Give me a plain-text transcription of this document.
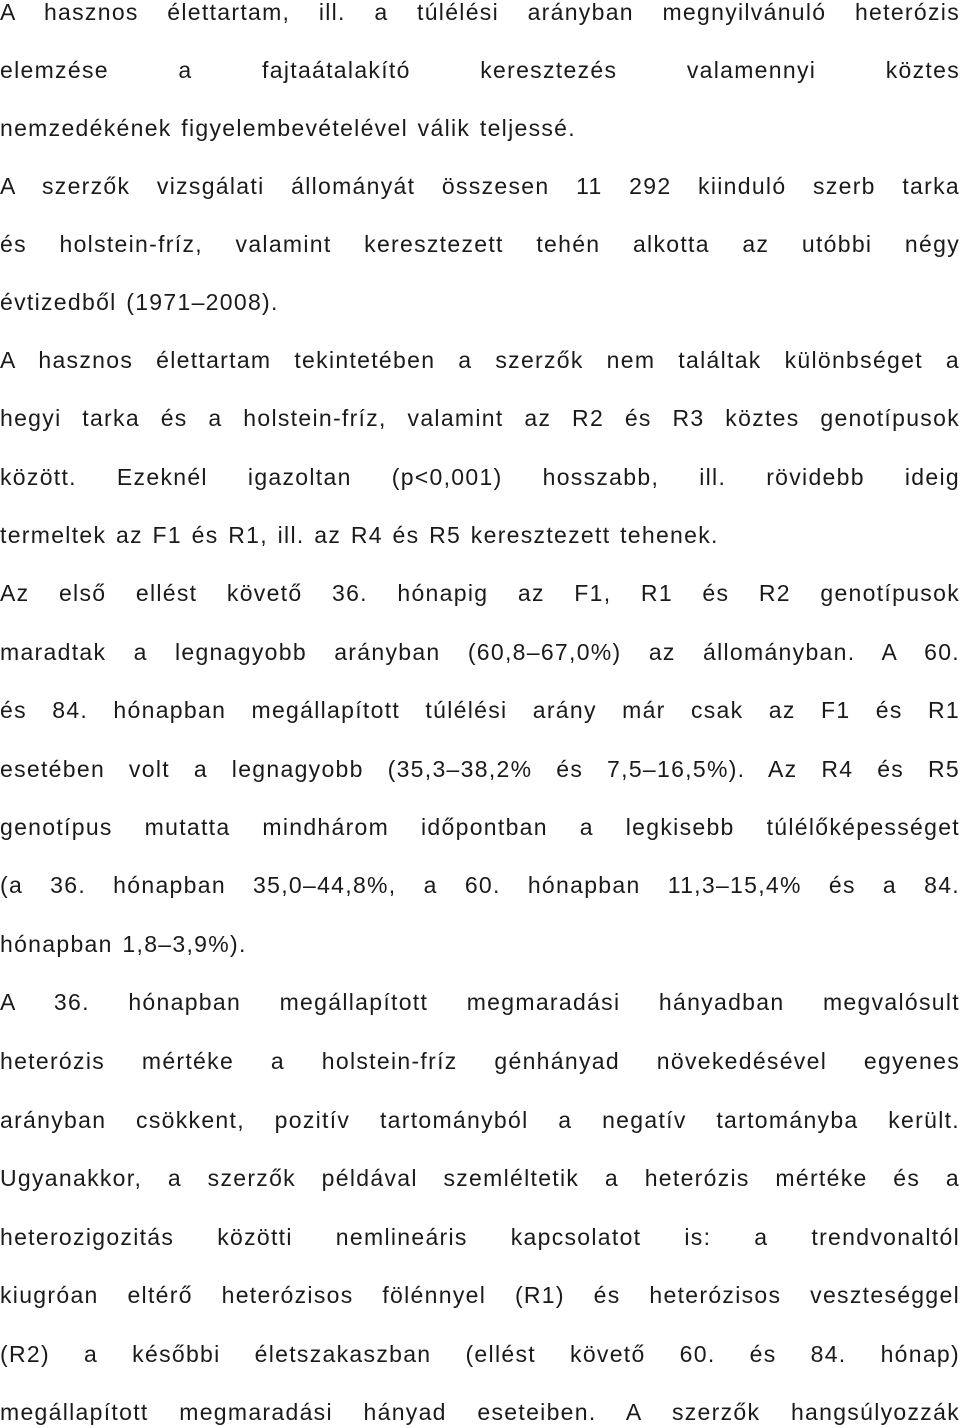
A hasznos élettartam, ill. a túlélési arányban megnyilvánuló heterózis
elemzése a fajtaátalakító keresztezés valamennyi köztes
nemzedékének figyelembevételével válik teljessé.
A szerzők vizsgálati állományát összesen 11 292 kiinduló szerb tarka
és holstein-fríz, valamint keresztezett tehén alkotta az utóbbi négy
évtizedből (1971–2008).
A hasznos élettartam tekintetében a szerzők nem találtak különbséget a
hegyi tarka és a holstein-fríz, valamint az R2 és R3 köztes genotípusok
között. Ezeknél igazoltan (p<0,001) hosszabb, ill. rövidebb ideig
termeltek az F1 és R1, ill. az R4 és R5 keresztezett tehenek.
Az első ellést követő 36. hónapig az F1, R1 és R2 genotípusok
maradtak a legnagyobb arányban (60,8–67,0%) az állományban. A 60.
és 84. hónapban megállapított túlélési arány már csak az F1 és R1
esetében volt a legnagyobb (35,3–38,2% és 7,5–16,5%). Az R4 és R5
genotípus mutatta mindhárom időpontban a legkisebb túlélőképességet
(a 36. hónapban 35,0–44,8%, a 60. hónapban 11,3–15,4% és a 84.
hónapban 1,8–3,9%).
A 36. hónapban megállapított megmaradási hányadban megvalósult
heterózis mértéke a holstein-fríz génhányad növekedésével egyenes
arányban csökkent, pozitív tartományból a negatív tartományba került.
Ugyanakkor, a szerzők példával szemléltetik a heterózis mértéke és a
heterozigozitás közötti nemlineáris kapcsolatot is: a trendvonaltól
kiugróan eltérő heterózisos fölénnyel (R1) és heterózisos veszteséggel
(R2) a későbbi életszakaszban (ellést követő 60. és 84. hónap)
megállapított megmaradási hányad eseteiben. A szerzők hangsúlyozzák
